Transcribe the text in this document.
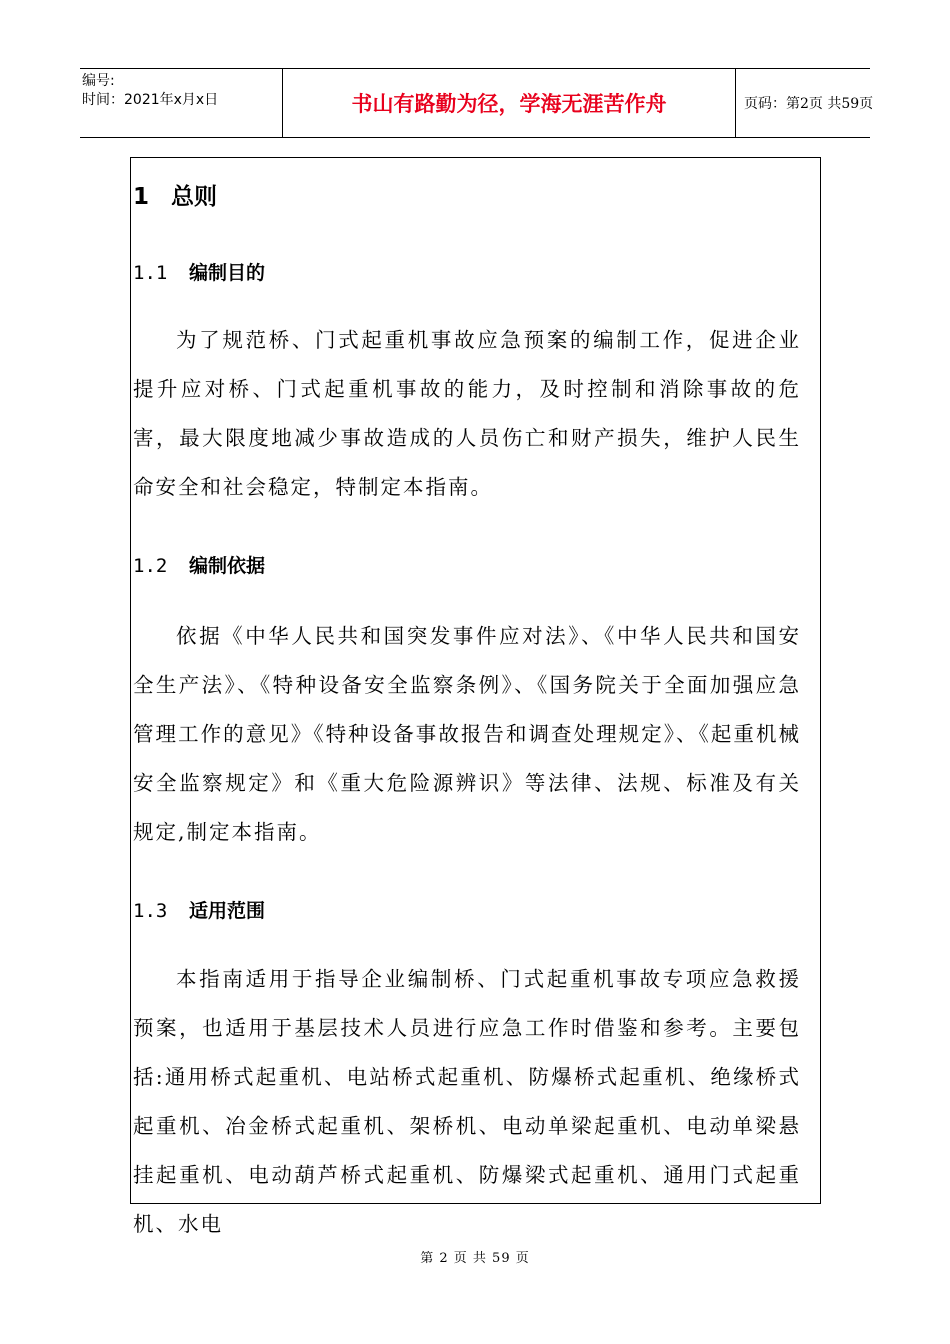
编号:
时间：2021年x月x日	书山有路勤为径，学海无涯苦作舟	页码：第2页 共59页
1 总则
1.1 编制目的

为了规范桥、门式起重机事故应急预案的编制工作，促进企业提升应对桥、门式起重机事故的能力，及时控制和消除事故的危害，最大限度地减少事故造成的人员伤亡和财产损失，维护人民生命安全和社会稳定，特制定本指南。

1.2 编制依据

依据《中华人民共和国突发事件应对法》、《中华人民共和国安全生产法》、《特种设备安全监察条例》、《国务院关于全面加强应急管理工作的意见》《特种设备事故报告和调查处理规定》、《起重机械安全监察规定》和《重大危险源辨识》等法律、法规、标准及有关规定,制定本指南。

1.3 适用范围

本指南适用于指导企业编制桥、门式起重机事故专项应急救援预案，也适用于基层技术人员进行应急工作时借鉴和参考。主要包括:通用桥式起重机、电站桥式起重机、防爆桥式起重机、绝缘桥式起重机、冶金桥式起重机、架桥机、电动单梁起重机、电动单梁悬挂起重机、电动葫芦桥式起重机、防爆梁式起重机、通用门式起重机、水电

第 2 页 共 59 页
